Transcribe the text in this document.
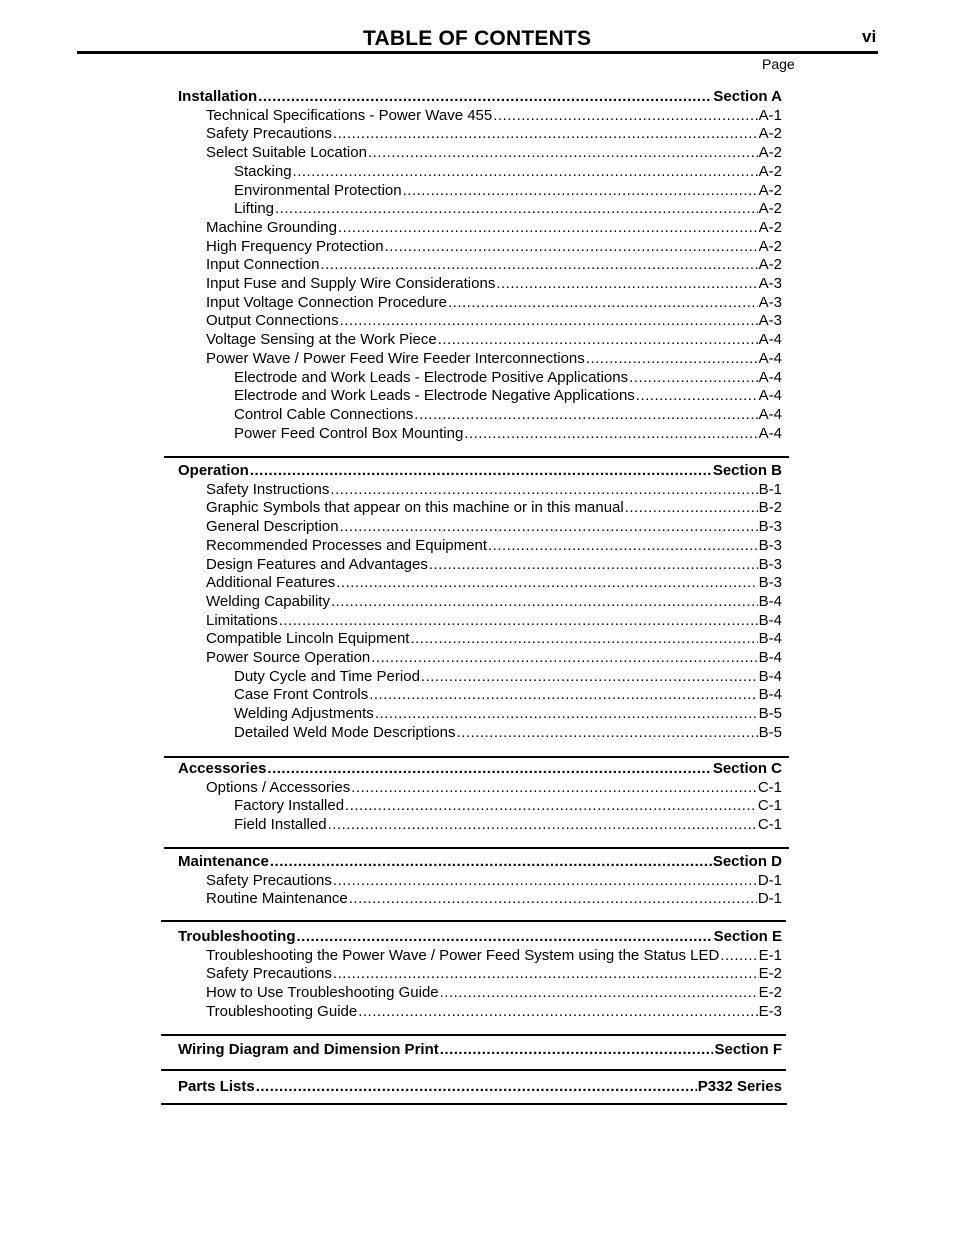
TABLE OF CONTENTS	vi
Page
Installation .....	Section A
Technical Specifications - Power Wave 455 .....	A-1
Safety Precautions .....	A-2
Select Suitable Location .....	A-2
Stacking .....	A-2
Environmental Protection .....	A-2
Lifting .....	A-2
Machine Grounding .....	A-2
High Frequency Protection .....	A-2
Input Connection .....	A-2
Input Fuse and Supply Wire Considerations .....	A-3
Input Voltage Connection Procedure .....	A-3
Output Connections .....	A-3
Voltage Sensing at the Work Piece .....	A-4
Power Wave / Power Feed Wire Feeder Interconnections .....	A-4
Electrode and Work Leads - Electrode Positive Applications .....	A-4
Electrode and Work Leads - Electrode Negative Applications .....	A-4
Control Cable Connections .....	A-4
Power Feed Control Box Mounting .....	A-4
Operation .....	Section B
Safety Instructions .....	B-1
Graphic Symbols that appear on this machine or in this manual .....	B-2
General Description .....	B-3
Recommended Processes and Equipment .....	B-3
Design Features and Advantages .....	B-3
Additional Features .....	B-3
Welding Capability .....	B-4
Limitations .....	B-4
Compatible Lincoln Equipment .....	B-4
Power Source Operation .....	B-4
Duty Cycle and Time Period .....	B-4
Case Front Controls .....	B-4
Welding Adjustments .....	B-5
Detailed Weld Mode Descriptions .....	B-5
Accessories .....	Section C
Options / Accessories .....	C-1
Factory Installed .....	C-1
Field Installed .....	C-1
Maintenance .....	Section D
Safety Precautions .....	D-1
Routine Maintenance .....	D-1
Troubleshooting .....	Section E
Troubleshooting the Power Wave / Power Feed System using the Status LED .....	E-1
Safety Precautions .....	E-2
How to Use Troubleshooting Guide .....	E-2
Troubleshooting Guide .....	E-3
Wiring Diagram and Dimension Print .....	Section F
Parts Lists .....	P332 Series
